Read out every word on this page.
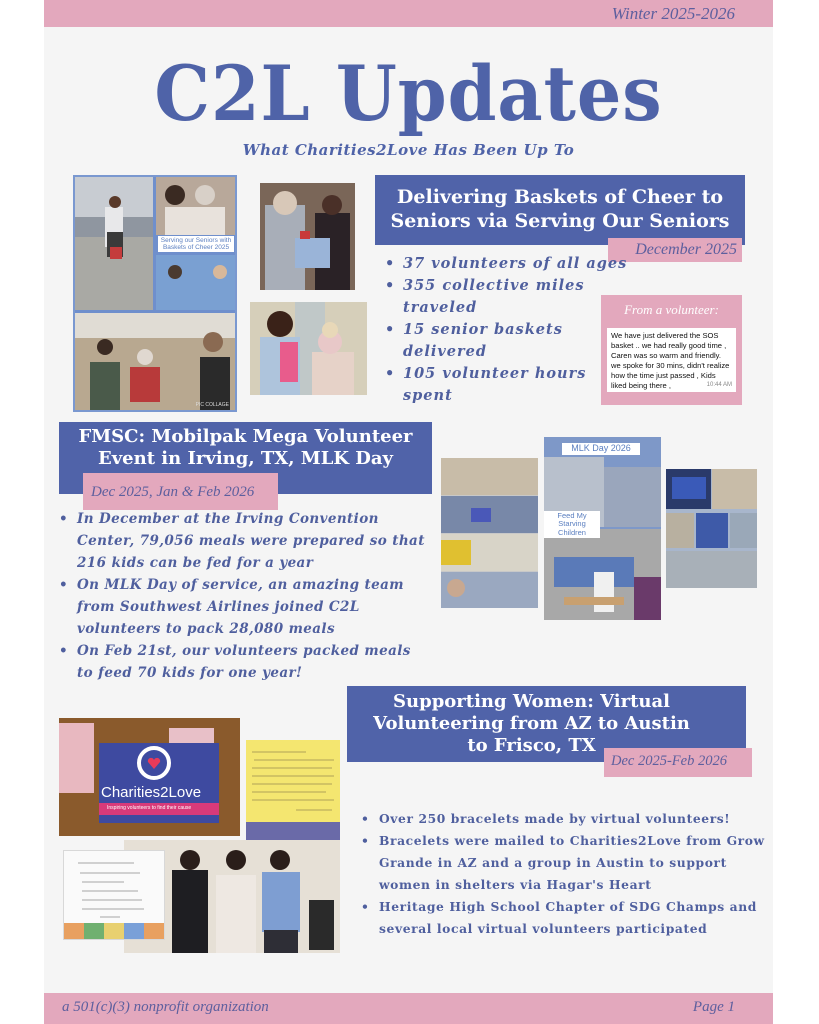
Winter 2025-2026
C2L Updates
What Charities2Love Has Been Up To
Serving our Seniors with Baskets of Cheer 2025
PIC COLLAGE
Delivering Baskets of Cheer to
Seniors via Serving Our Seniors
December 2025
• 37 volunteers of all ages
• 355 collective miles traveled
• 15 senior baskets delivered
• 105 volunteer hours spent
From a volunteer:
We have just delivered the SOS basket .. we had really good time , Caren was so warm and friendly. we spoke for 30 mins, didn't realize how the time just passed , Kids liked being there ,	10:44 AM
FMSC: Mobilpak Mega Volunteer
Event in Irving, TX, MLK Day
Dec 2025, Jan & Feb 2026
• In December at the Irving Convention Center, 79,056 meals were prepared so that 216 kids can be fed for a year
• On MLK Day of service, an amazing team from Southwest Airlines joined C2L volunteers to pack 28,080 meals
• On Feb 21st, our volunteers packed meals to feed 70 kids for one year!
MLK Day 2026
Feed My Starving Children
Supporting Women: Virtual
Volunteering from AZ to Austin
to Frisco, TX
Dec 2025-Feb 2026
• Over 250 bracelets made by virtual volunteers!
• Bracelets were mailed to Charities2Love from Grow Grande in AZ and a group in Austin to support women in shelters via Hagar's Heart
• Heritage High School Chapter of SDG Champs and several local virtual volunteers participated
Charities2Love
Inspiring volunteers to find their cause
a 501(c)(3) nonprofit organization	Page 1
